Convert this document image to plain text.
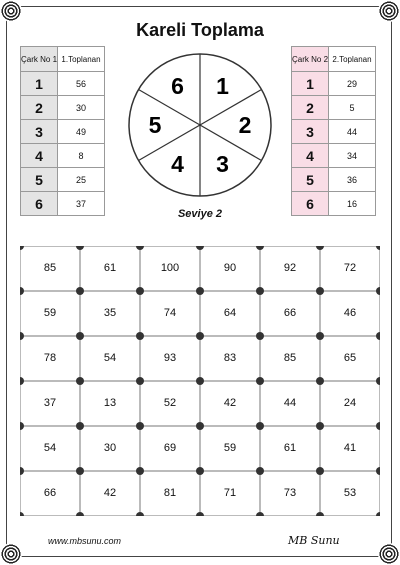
Kareli Toplama
Çark No 1	1.Toplanan
1	56
2	30
3	49
4	8
5	25
6	37
Çark No 2	2.Toplanan
1	29
2	5
3	44
4	34
5	36
6	16
1
2
3
4
5
6
Seviye 2
85	61	100	90	92	72
59	35	74	64	66	46
78	54	93	83	85	65
37	13	52	42	44	24
54	30	69	59	61	41
66	42	81	71	73	53
www.mbsunu.com	MB Sunu
